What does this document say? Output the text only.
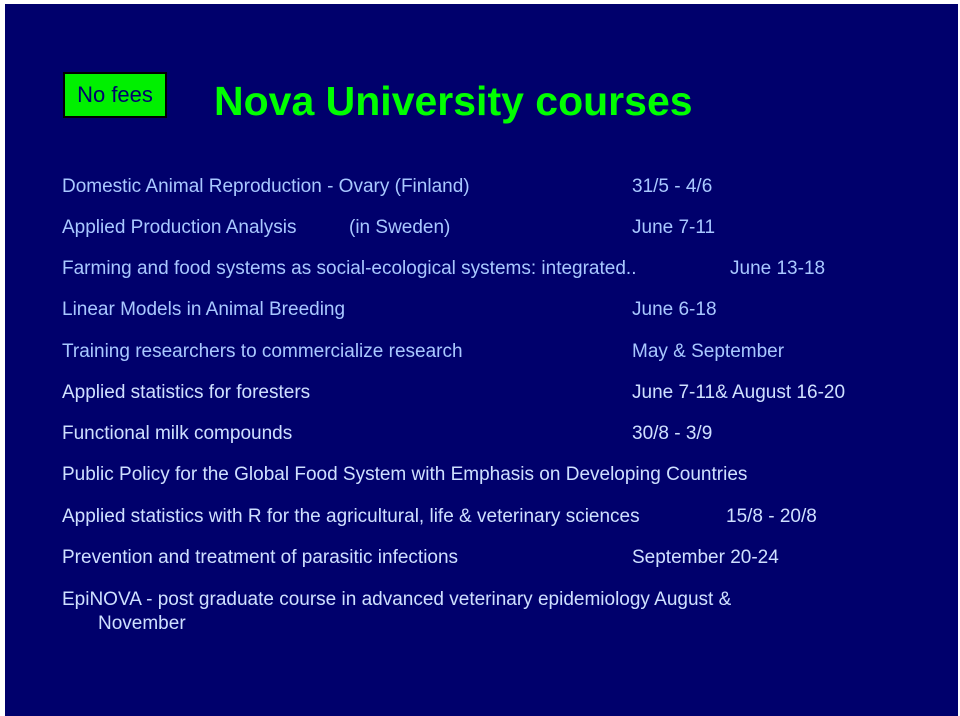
No fees	Nova University courses
Domestic Animal Reproduction - Ovary (Finland)	31/5 - 4/6
Applied Production Analysis	(in Sweden)	June 7-11
Farming and food systems as social-ecological systems: integrated..	June 13-18
Linear Models in Animal Breeding	June 6-18
Training researchers to commercialize research	May & September
Applied statistics for foresters	June 7-11& August 16-20
Functional milk compounds	30/8 - 3/9
Public Policy for the Global Food System with Emphasis on Developing Countries
Applied statistics with R for the agricultural, life & veterinary sciences	15/8 - 20/8
Prevention and treatment of parasitic infections	September 20-24
EpiNOVA - post graduate course in advanced veterinary epidemiology August &
November
